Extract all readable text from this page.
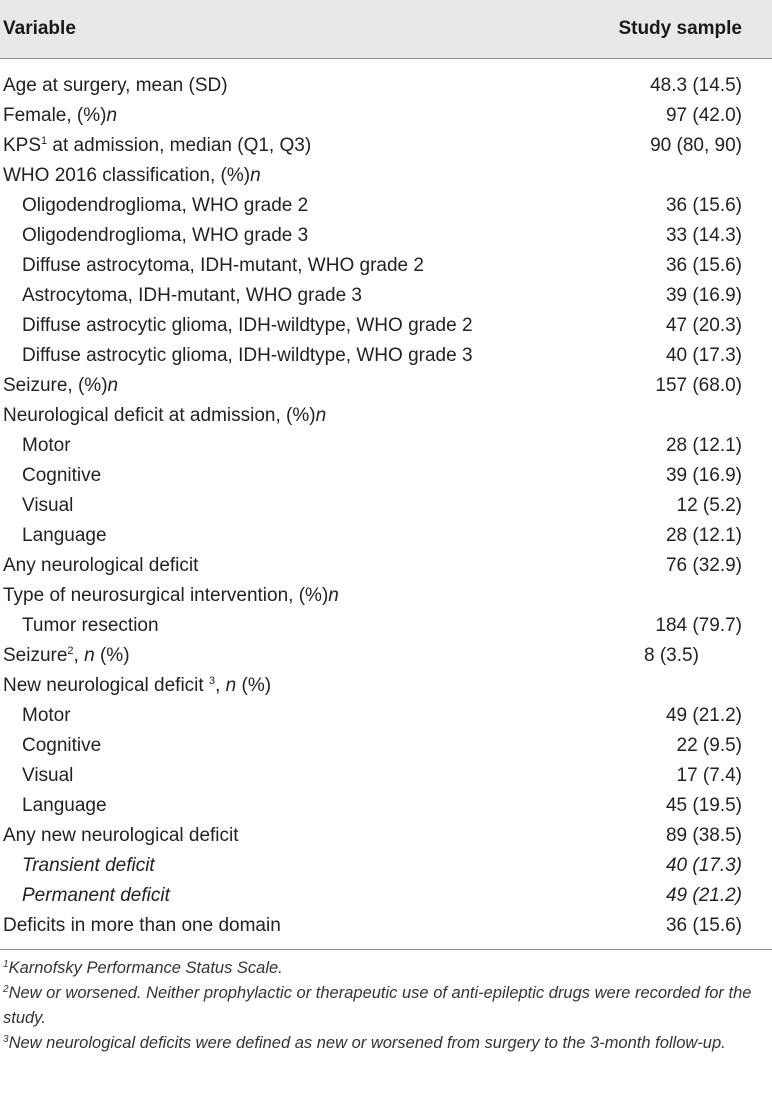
Variable	Study sample
Age at surgery, mean (SD)	48.3 (14.5)
Female, (%)n	97 (42.0)
KPS$^1$ at admission, median (Q1, Q3)	90 (80, 90)
WHO 2016 classification, (%)n
Oligodendroglioma, WHO grade 2	36 (15.6)
Oligodendroglioma, WHO grade 3	33 (14.3)
Diffuse astrocytoma, IDH-mutant, WHO grade 2	36 (15.6)
Astrocytoma, IDH-mutant, WHO grade 3	39 (16.9)
Diffuse astrocytic glioma, IDH-wildtype, WHO grade 2	47 (20.3)
Diffuse astrocytic glioma, IDH-wildtype, WHO grade 3	40 (17.3)
Seizure, (%)n	157 (68.0)
Neurological deficit at admission, (%)n
Motor	28 (12.1)
Cognitive	39 (16.9)
Visual	12 (5.2)
Language	28 (12.1)
Any neurological deficit	76 (32.9)
Type of neurosurgical intervention, (%)n
Tumor resection	184 (79.7)
Seizure$^2$, n (%)	8 (3.5)
New neurological deficit $^3$, n (%)
Motor	49 (21.2)
Cognitive	22 (9.5)
Visual	17 (7.4)
Language	45 (19.5)
Any new neurological deficit	89 (38.5)
Transient deficit	40 (17.3)
Permanent deficit	49 (21.2)
Deficits in more than one domain	36 (15.6)

$^1$Karnofsky Performance Status Scale.

$^2$New or worsened. Neither prophylactic or therapeutic use of anti-epileptic drugs were recorded for the study.

$^3$New neurological deficits were defined as new or worsened from surgery to the 3-month follow-up.
